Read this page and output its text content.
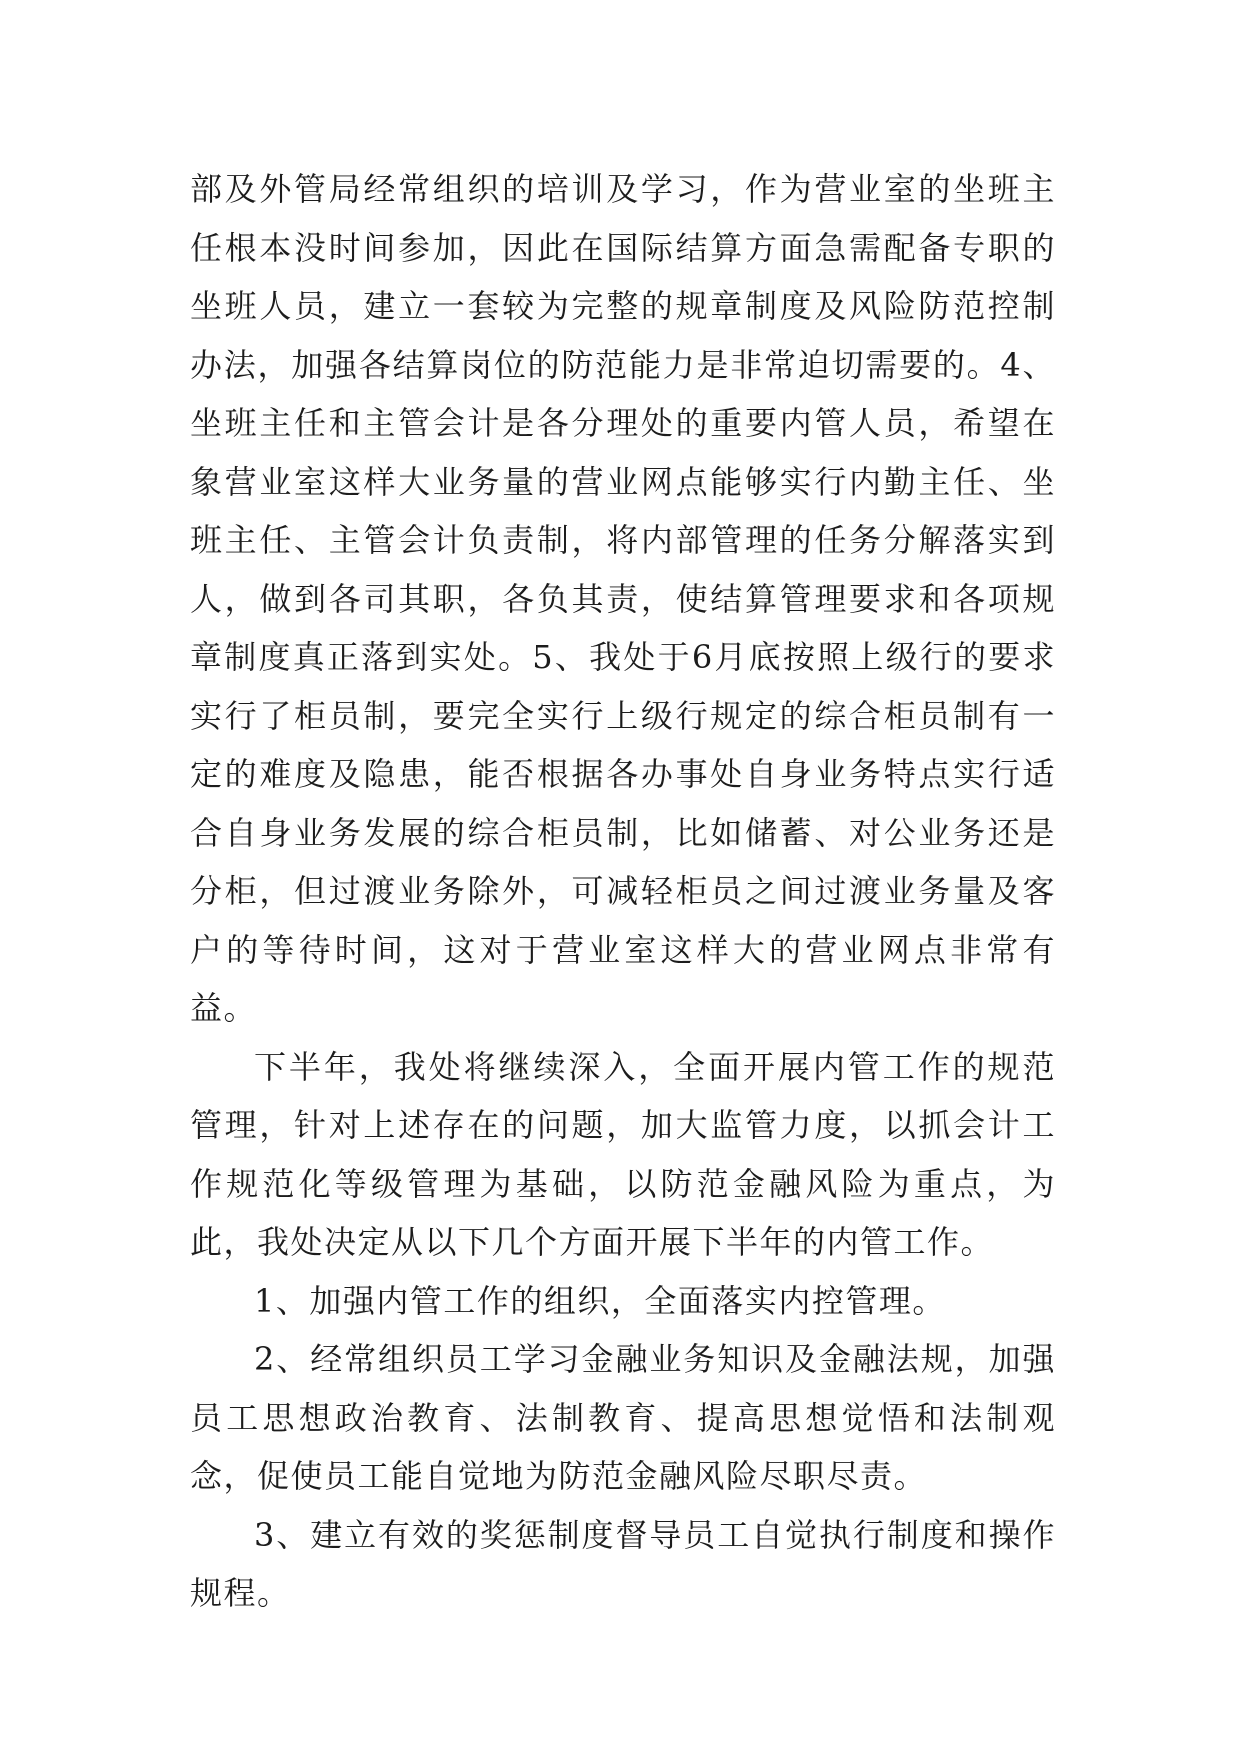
部及外管局经常组织的培训及学习，作为营业室的坐班主任根本没时间参加，因此在国际结算方面急需配备专职的坐班人员，建立一套较为完整的规章制度及风险防范控制办法，加强各结算岗位的防范能力是非常迫切需要的。4、坐班主任和主管会计是各分理处的重要内管人员，希望在象营业室这样大业务量的营业网点能够实行内勤主任、坐班主任、主管会计负责制，将内部管理的任务分解落实到人，做到各司其职，各负其责，使结算管理要求和各项规章制度真正落到实处。5、我处于6月底按照上级行的要求实行了柜员制，要完全实行上级行规定的综合柜员制有一定的难度及隐患，能否根据各办事处自身业务特点实行适合自身业务发展的综合柜员制，比如储蓄、对公业务还是分柜，但过渡业务除外，可减轻柜员之间过渡业务量及客户的等待时间，这对于营业室这样大的营业网点非常有益。

下半年，我处将继续深入，全面开展内管工作的规范管理，针对上述存在的问题，加大监管力度，以抓会计工作规范化等级管理为基础，以防范金融风险为重点，为此，我处决定从以下几个方面开展下半年的内管工作。

1、加强内管工作的组织，全面落实内控管理。

2、经常组织员工学习金融业务知识及金融法规，加强员工思想政治教育、法制教育、提高思想觉悟和法制观念，促使员工能自觉地为防范金融风险尽职尽责。

3、建立有效的奖惩制度督导员工自觉执行制度和操作规程。
